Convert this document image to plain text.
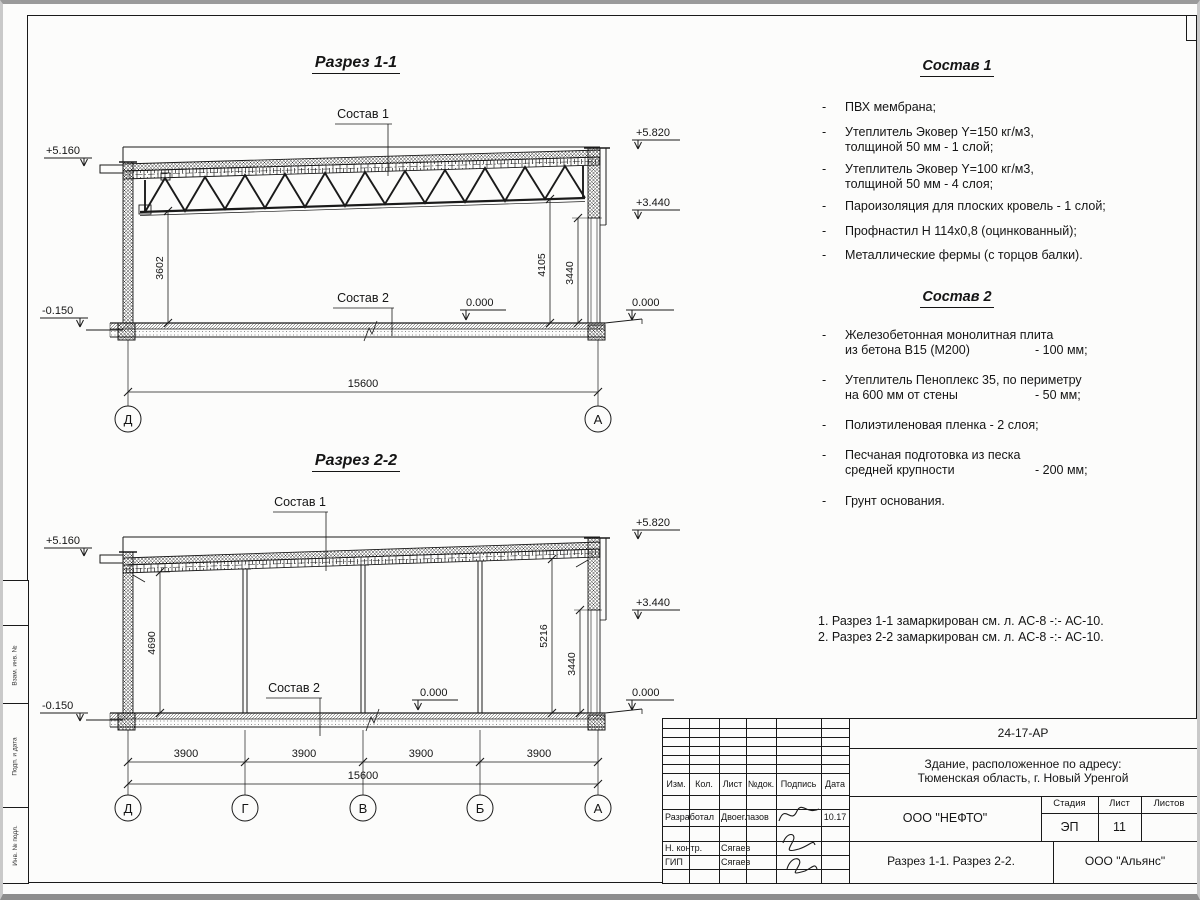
Взам. инв. №
Подп. и дата
Инв. № подл.
Разрез 1-1
Состав 1
Состав 2
3602	4105 3440
+5.160
-0.150
+5.820
+3.440
0.000
0.000
15600
Д	А
Разрез 2-2
Состав 1
Состав 2
4690	5216
3440
+5.160
-0.150
+5.820
+3.440
0.000
0.000
3900	3900	3900	3900
15600
Д	Г	В	Б	А
Состав 1
- ПВХ мембрана;
- Утеплитель Эковер Y=150 кг/м3,
толщиной 50 мм - 1 слой;
- Утеплитель Эковер Y=100 кг/м3,
толщиной 50 мм - 4 слоя;
- Пароизоляция для плоских кровель - 1 слой;
- Профнастил Н 114х0,8 (оцинкованный);
- Металлические фермы (с торцов балки).
Состав 2
- Железобетонная монолитная плита
из бетона В15 (М200)	- 100 мм;
- Утеплитель Пеноплекс 35, по периметру
на 600 мм от стены	- 50 мм;
- Полиэтиленовая пленка - 2 слоя;
- Песчаная подготовка из песка
средней крупности	- 200 мм;
- Грунт основания.
1. Разрез 1-1 замаркирован см. л. АС-8 -:- АС-10.
2. Разрез 2-2 замаркирован см. л. АС-8 -:- АС-10.
Изм.	Кол.	Лист №док. Подпись Дата
Разработал Двоеглазов	10.17
Н. контр.	Сягаев
ГИП	Сягаев
24-17-АР
Здание, расположенное по адресу:
Тюменская область, г. Новый Уренгой
ООО "НЕФТО"
Стадия	Лист	Листов
ЭП	11
Разрез 1-1. Разрез 2-2.	ООО "Альянс"
